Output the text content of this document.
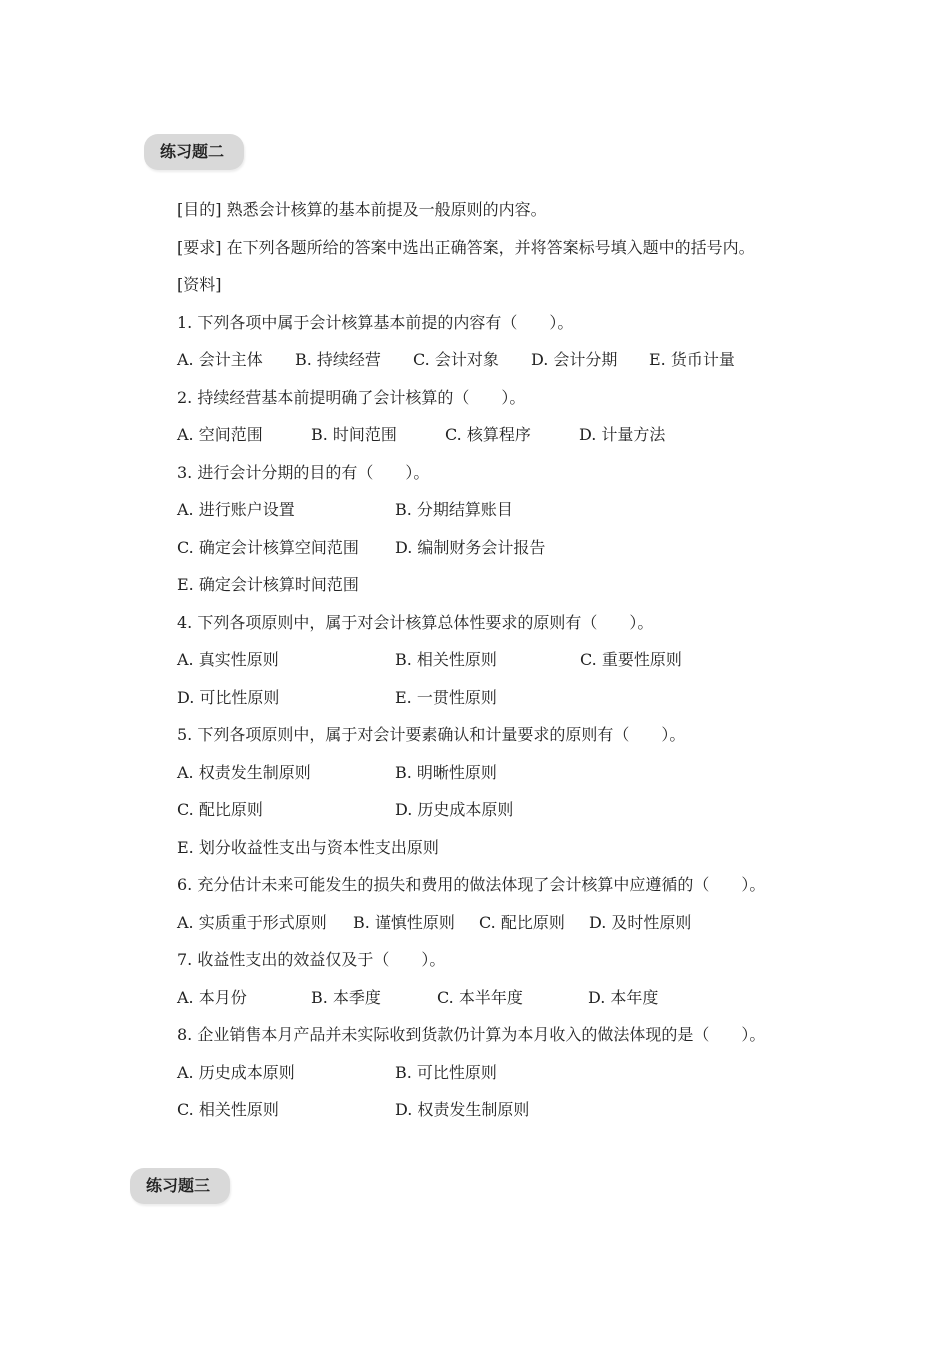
练习题二
[目的] 熟悉会计核算的基本前提及一般原则的内容。
[要求] 在下列各题所给的答案中选出正确答案，并将答案标号填入题中的括号内。
[资料]
1. 下列各项中属于会计核算基本前提的内容有（　　）。
A. 会计主体 B. 持续经营 C. 会计对象 D. 会计分期 E. 货币计量
2. 持续经营基本前提明确了会计核算的（　　）。
A. 空间范围	B. 时间范围	C. 核算程序	D. 计量方法
3. 进行会计分期的目的有（　　）。
A. 进行账户设置	B. 分期结算账目
C. 确定会计核算空间范围 D. 编制财务会计报告
E. 确定会计核算时间范围
4. 下列各项原则中，属于对会计核算总体性要求的原则有（　　）。
A. 真实性原则	B. 相关性原则	C. 重要性原则
D. 可比性原则	E. 一贯性原则
5. 下列各项原则中，属于对会计要素确认和计量要求的原则有（　　）。
A. 权责发生制原则	B. 明晰性原则
C. 配比原则	D. 历史成本原则
E. 划分收益性支出与资本性支出原则
6. 充分估计未来可能发生的损失和费用的做法体现了会计核算中应遵循的（　　）。
A. 实质重于形式原则 B. 谨慎性原则 C. 配比原则 D. 及时性原则
7. 收益性支出的效益仅及于（　　）。
A. 本月份	B. 本季度	C. 本半年度	D. 本年度
8. 企业销售本月产品并未实际收到货款仍计算为本月收入的做法体现的是（　　）。
A. 历史成本原则	B. 可比性原则
C. 相关性原则	D. 权责发生制原则
练习题三
